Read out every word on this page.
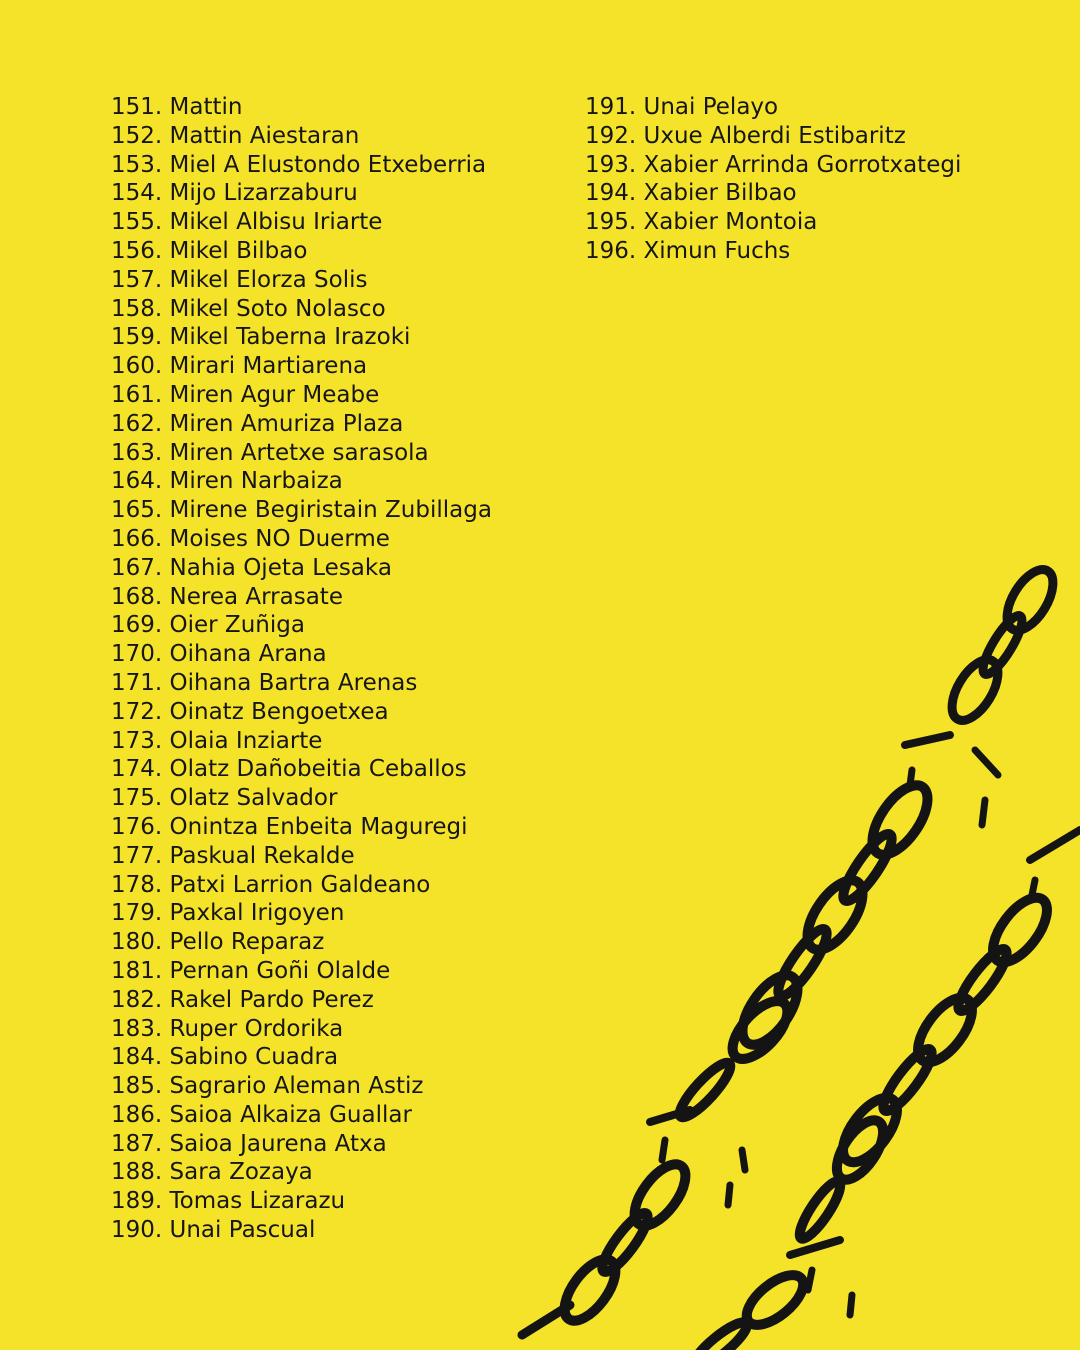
151. Mattin
152. Mattin Aiestaran
153. Miel A Elustondo Etxeberria
154. Mijo Lizarzaburu
155. Mikel Albisu Iriarte
156. Mikel Bilbao
157. Mikel Elorza Solis
158. Mikel Soto Nolasco
159. Mikel Taberna Irazoki
160. Mirari Martiarena
161. Miren Agur Meabe
162. Miren Amuriza Plaza
163. Miren Artetxe sarasola
164. Miren Narbaiza
165. Mirene Begiristain Zubillaga
166. Moises NO Duerme
167. Nahia Ojeta Lesaka
168. Nerea Arrasate
169. Oier Zuñiga
170. Oihana Arana
171. Oihana Bartra Arenas
172. Oinatz Bengoetxea
173. Olaia Inziarte
174. Olatz Dañobeitia Ceballos
175. Olatz Salvador
176. Onintza Enbeita Maguregi
177. Paskual Rekalde
178. Patxi Larrion Galdeano
179. Paxkal Irigoyen
180. Pello Reparaz
181. Pernan Goñi Olalde
182. Rakel Pardo Perez
183. Ruper Ordorika
184. Sabino Cuadra
185. Sagrario Aleman Astiz
186. Saioa Alkaiza Guallar
187. Saioa Jaurena Atxa
188. Sara Zozaya
189. Tomas Lizarazu
190. Unai Pascual
191. Unai Pelayo
192. Uxue Alberdi Estibaritz
193. Xabier Arrinda Gorrotxategi
194. Xabier Bilbao
195. Xabier Montoia
196. Ximun Fuchs
